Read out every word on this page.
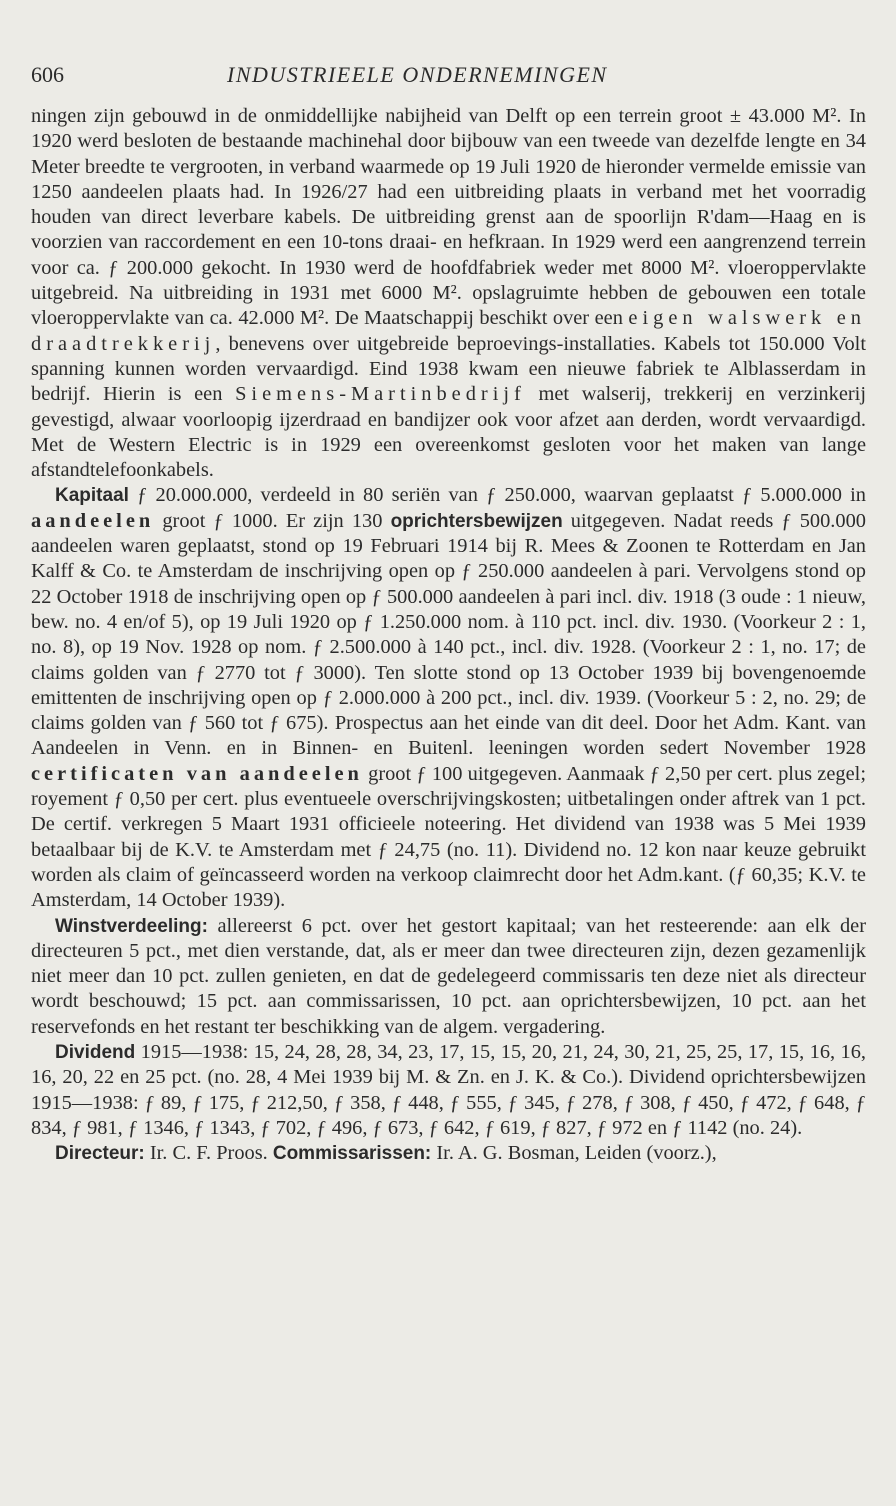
606	INDUSTRIEELE ONDERNEMINGEN

ningen zijn gebouwd in de onmiddellijke nabijheid van Delft op een terrein groot ± 43.000 M². In 1920 werd besloten de bestaande machinehal door bijbouw van een tweede van dezelfde lengte en 34 Meter breedte te vergrooten, in verband waarmede op 19 Juli 1920 de hieronder vermelde emissie van 1250 aandeelen plaats had. In 1926/27 had een uitbreiding plaats in verband met het voorradig houden van direct leverbare kabels. De uitbreiding grenst aan de spoorlijn R'dam—Haag en is voorzien van raccordement en een 10-tons draai- en hefkraan. In 1929 werd een aangrenzend terrein voor ca. ƒ 200.000 gekocht. In 1930 werd de hoofdfabriek weder met 8000 M². vloeroppervlakte uitgebreid. Na uitbreiding in 1931 met 6000 M². opslagruimte hebben de gebouwen een totale vloeroppervlakte van ca. 42.000 M². De Maatschappij beschikt over een eigen walswerk en draadtrekkerij, benevens over uitgebreide beproevings-installaties. Kabels tot 150.000 Volt spanning kunnen worden vervaardigd. Eind 1938 kwam een nieuwe fabriek te Alblasserdam in bedrijf. Hierin is een Siemens-Martinbedrijf met walserij, trekkerij en verzinkerij gevestigd, alwaar voorloopig ijzerdraad en bandijzer ook voor afzet aan derden, wordt vervaardigd. Met de Western Electric is in 1929 een overeenkomst gesloten voor het maken van lange afstandtelefoonkabels.

Kapitaal ƒ 20.000.000, verdeeld in 80 seriën van ƒ 250.000, waarvan geplaatst ƒ 5.000.000 in aandeelen groot ƒ 1000. Er zijn 130 oprichtersbewijzen uitgegeven. Nadat reeds ƒ 500.000 aandeelen waren geplaatst, stond op 19 Februari 1914 bij R. Mees & Zoonen te Rotterdam en Jan Kalff & Co. te Amsterdam de inschrijving open op ƒ 250.000 aandeelen à pari. Vervolgens stond op 22 October 1918 de inschrijving open op ƒ 500.000 aandeelen à pari incl. div. 1918 (3 oude : 1 nieuw, bew. no. 4 en/of 5), op 19 Juli 1920 op ƒ 1.250.000 nom. à 110 pct. incl. div. 1930. (Voorkeur 2 : 1, no. 8), op 19 Nov. 1928 op nom. ƒ 2.500.000 à 140 pct., incl. div. 1928. (Voorkeur 2 : 1, no. 17; de claims golden van ƒ 2770 tot ƒ 3000). Ten slotte stond op 13 October 1939 bij bovengenoemde emittenten de inschrijving open op ƒ 2.000.000 à 200 pct., incl. div. 1939. (Voorkeur 5 : 2, no. 29; de claims golden van ƒ 560 tot ƒ 675). Prospectus aan het einde van dit deel. Door het Adm. Kant. van Aandeelen in Venn. en in Binnen- en Buitenl. leeningen worden sedert November 1928 certificaten van aandeelen groot ƒ 100 uitgegeven. Aanmaak ƒ 2,50 per cert. plus zegel; royement ƒ 0,50 per cert. plus eventueele overschrijvingskosten; uitbetalingen onder aftrek van 1 pct. De certif. verkregen 5 Maart 1931 officieele noteering. Het dividend van 1938 was 5 Mei 1939 betaalbaar bij de K.V. te Amsterdam met ƒ 24,75 (no. 11). Dividend no. 12 kon naar keuze gebruikt worden als claim of geïncasseerd worden na verkoop claimrecht door het Adm.kant. (ƒ 60,35; K.V. te Amsterdam, 14 October 1939).

Winstverdeeling: allereerst 6 pct. over het gestort kapitaal; van het resteerende: aan elk der directeuren 5 pct., met dien verstande, dat, als er meer dan twee directeuren zijn, dezen gezamenlijk niet meer dan 10 pct. zullen genieten, en dat de gedelegeerd commissaris ten deze niet als directeur wordt beschouwd; 15 pct. aan commissarissen, 10 pct. aan oprichtersbewijzen, 10 pct. aan het reservefonds en het restant ter beschikking van de algem. vergadering.

Dividend 1915—1938: 15, 24, 28, 28, 34, 23, 17, 15, 15, 20, 21, 24, 30, 21, 25, 25, 17, 15, 16, 16, 16, 20, 22 en 25 pct. (no. 28, 4 Mei 1939 bij M. & Zn. en J. K. & Co.). Dividend oprichtersbewijzen 1915—1938: ƒ 89, ƒ 175, ƒ 212,50, ƒ 358, ƒ 448, ƒ 555, ƒ 345, ƒ 278, ƒ 308, ƒ 450, ƒ 472, ƒ 648, ƒ 834, ƒ 981, ƒ 1346, ƒ 1343, ƒ 702, ƒ 496, ƒ 673, ƒ 642, ƒ 619, ƒ 827, ƒ 972 en ƒ 1142 (no. 24).

Directeur: Ir. C. F. Proos. Commissarissen: Ir. A. G. Bosman, Leiden (voorz.),
